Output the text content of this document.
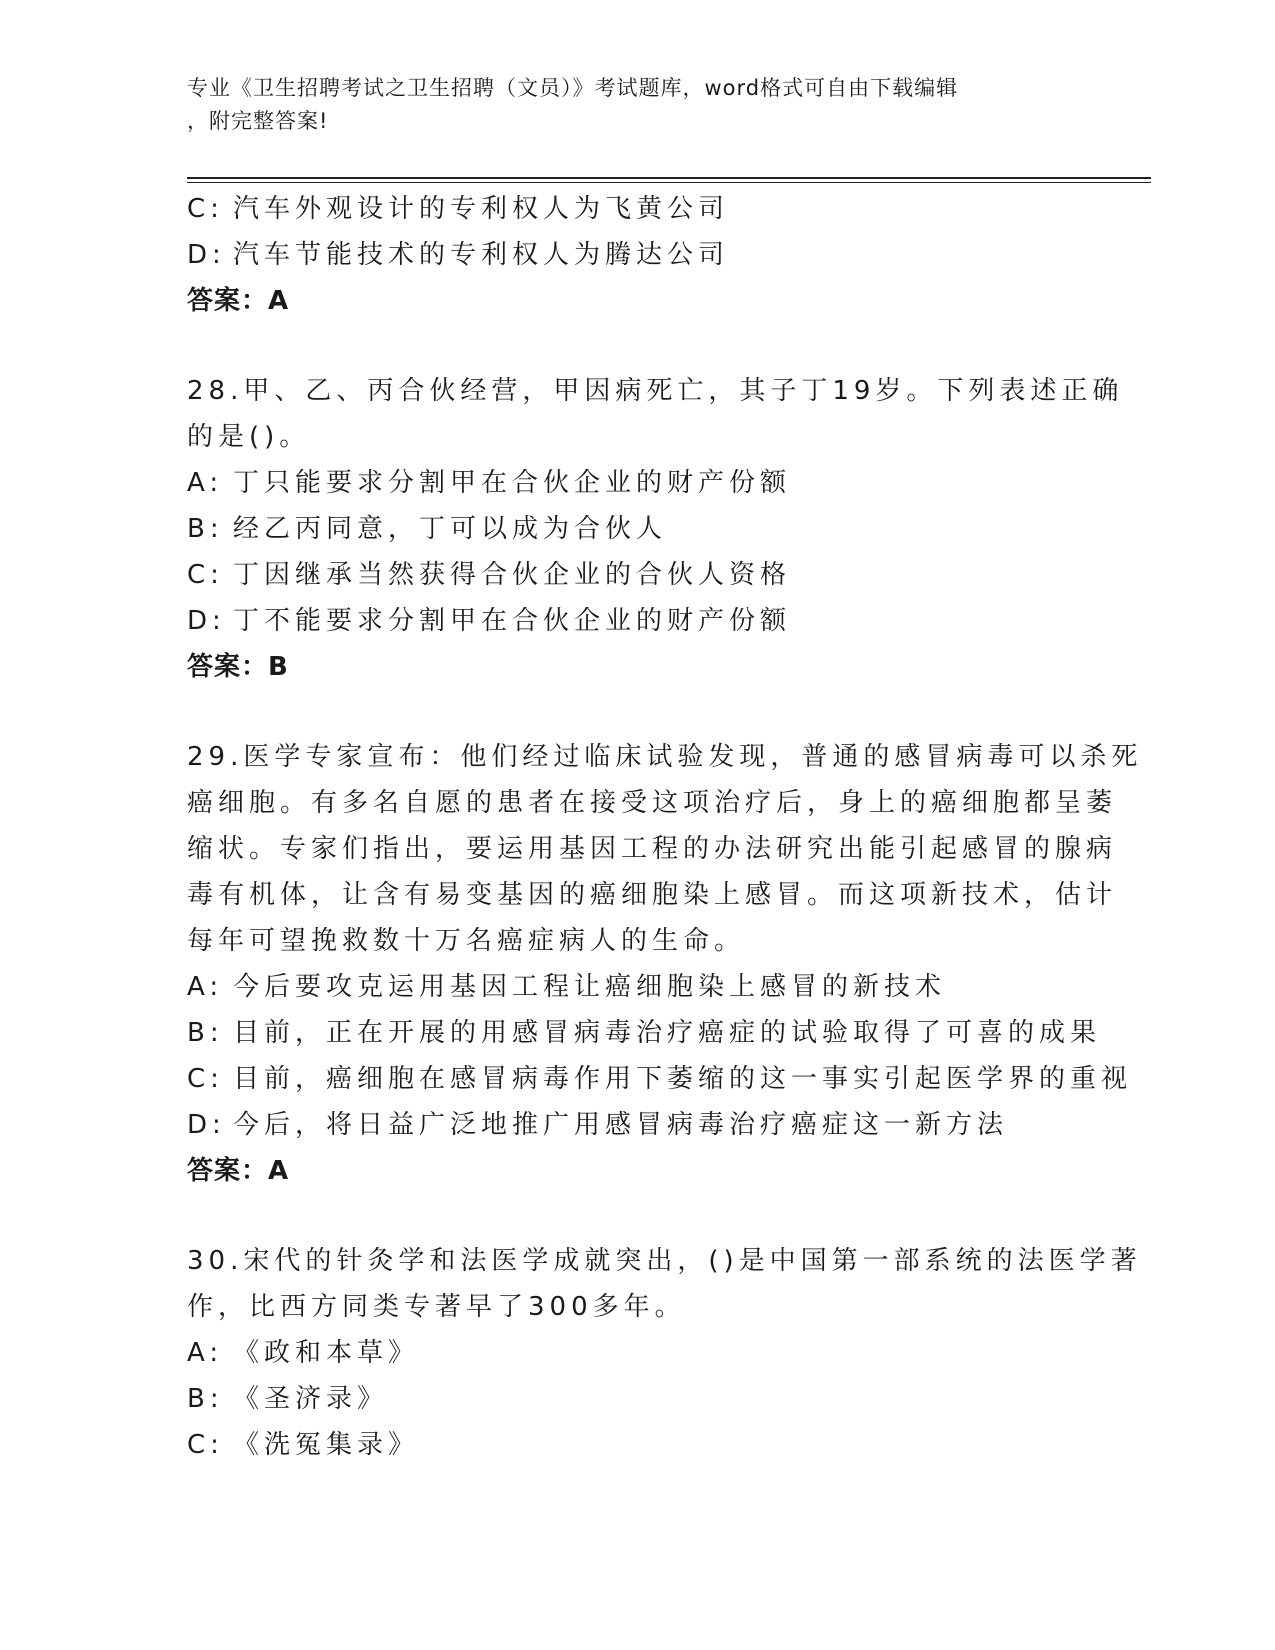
专业《卫生招聘考试之卫生招聘（文员）》考试题库，word格式可自由下载编辑
，附完整答案!
C: 汽车外观设计的专利权人为飞黄公司
D: 汽车节能技术的专利权人为腾达公司
答案：A
28.甲、乙、丙合伙经营，甲因病死亡，其子丁19岁。下列表述正确
的是()。
A: 丁只能要求分割甲在合伙企业的财产份额
B: 经乙丙同意，丁可以成为合伙人
C: 丁因继承当然获得合伙企业的合伙人资格
D: 丁不能要求分割甲在合伙企业的财产份额
答案：B
29.医学专家宣布：他们经过临床试验发现，普通的感冒病毒可以杀死
癌细胞。有多名自愿的患者在接受这项治疗后，身上的癌细胞都呈萎
缩状。专家们指出，要运用基因工程的办法研究出能引起感冒的腺病
毒有机体，让含有易变基因的癌细胞染上感冒。而这项新技术，估计
每年可望挽救数十万名癌症病人的生命。
A: 今后要攻克运用基因工程让癌细胞染上感冒的新技术
B: 目前，正在开展的用感冒病毒治疗癌症的试验取得了可喜的成果
C: 目前，癌细胞在感冒病毒作用下萎缩的这一事实引起医学界的重视
D: 今后，将日益广泛地推广用感冒病毒治疗癌症这一新方法
答案：A
30.宋代的针灸学和法医学成就突出，()是中国第一部系统的法医学著
作，比西方同类专著早了300多年。
A: 《政和本草》
B: 《圣济录》
C: 《洗冤集录》
